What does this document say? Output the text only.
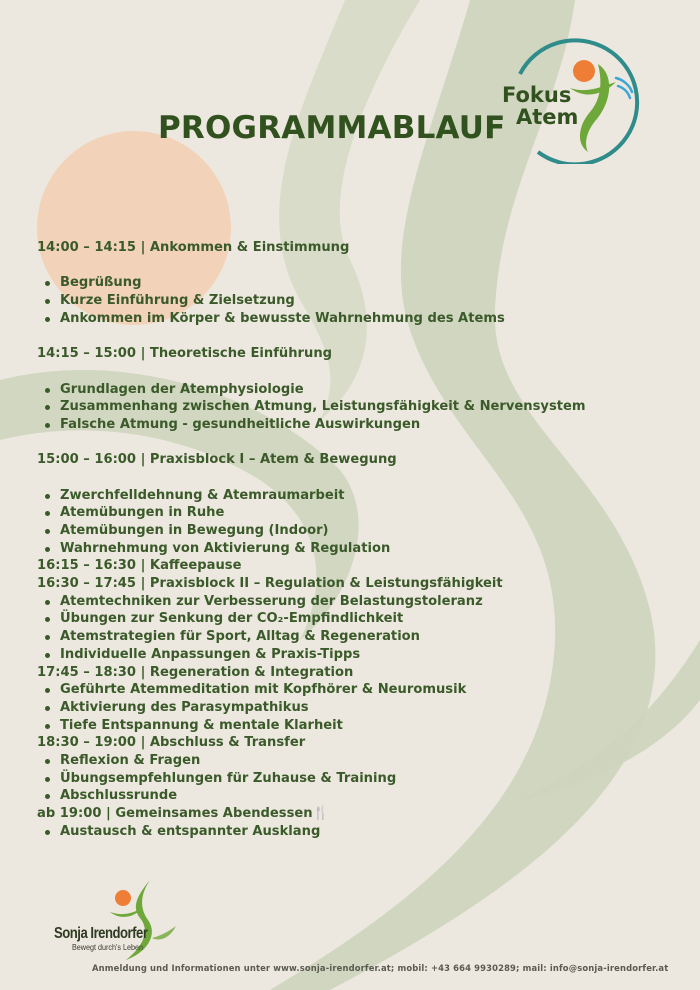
PROGRAMMABLAUF
Fokus
Atem
14:00 – 14:15 | Ankommen & Einstimmung
Begrüßung
Kurze Einführung & Zielsetzung
Ankommen im Körper & bewusste Wahrnehmung des Atems
14:15 – 15:00 | Theoretische Einführung
Grundlagen der Atemphysiologie
Zusammenhang zwischen Atmung, Leistungsfähigkeit & Nervensystem
Falsche Atmung - gesundheitliche Auswirkungen
15:00 – 16:00 | Praxisblock I – Atem & Bewegung
Zwerchfelldehnung & Atemraumarbeit
Atemübungen in Ruhe
Atemübungen in Bewegung (Indoor)
Wahrnehmung von Aktivierung & Regulation
16:15 – 16:30 | Kaffeepause
16:30 – 17:45 | Praxisblock II – Regulation & Leistungsfähigkeit
Atemtechniken zur Verbesserung der Belastungstoleranz
Übungen zur Senkung der CO₂-Empfindlichkeit
Atemstrategien für Sport, Alltag & Regeneration
Individuelle Anpassungen & Praxis-Tipps
17:45 – 18:30 | Regeneration & Integration
Geführte Atemmeditation mit Kopfhörer & Neuromusik
Aktivierung des Parasympathikus
Tiefe Entspannung & mentale Klarheit
18:30 – 19:00 | Abschluss & Transfer
Reflexion & Fragen
Übungsempfehlungen für Zuhause & Training
Abschlussrunde
ab 19:00 | Gemeinsames Abendessen🍴
Austausch & entspannter Ausklang
Sonja Irendorfer
Bewegt durch's Leben
Anmeldung und Informationen unter www.sonja-irendorfer.at; mobil: +43 664 9930289; mail: info@sonja-irendorfer.at
